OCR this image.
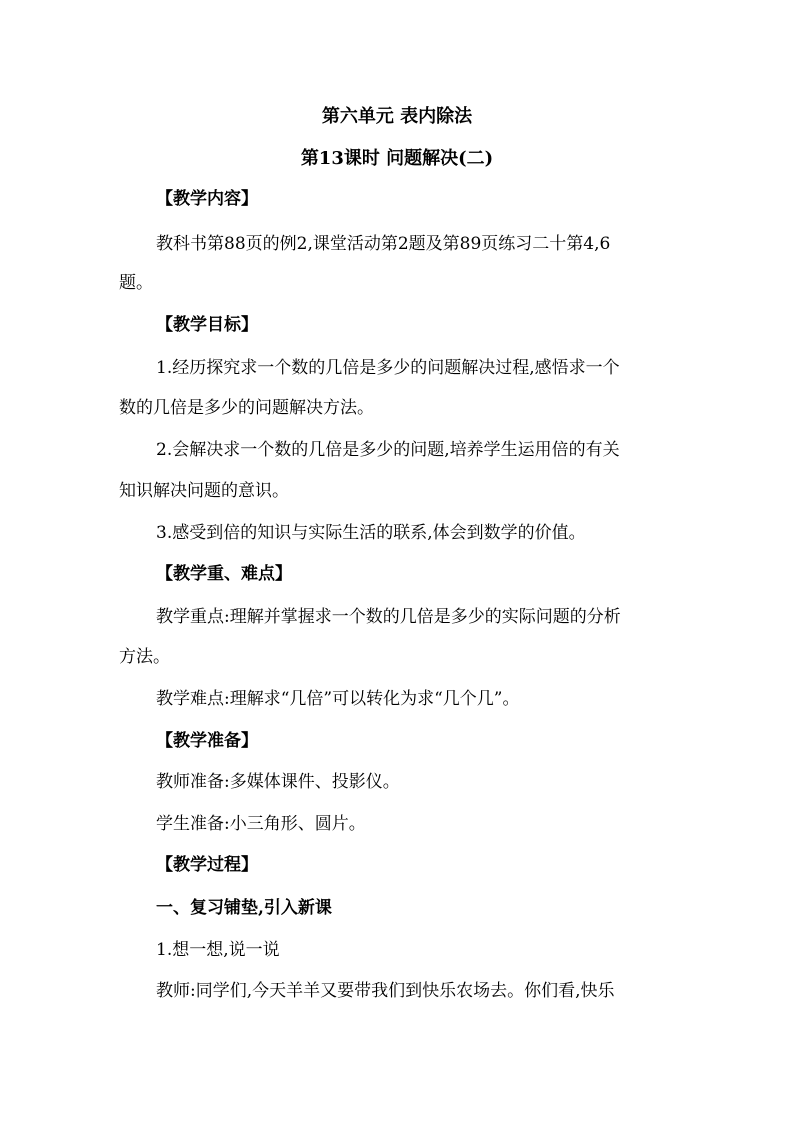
第六单元 表内除法
第13课时 问题解决(二)
【教学内容】
教科书第88页的例2,课堂活动第2题及第89页练习二十第4,6
题。
【教学目标】
1.经历探究求一个数的几倍是多少的问题解决过程,感悟求一个
数的几倍是多少的问题解决方法。
2.会解决求一个数的几倍是多少的问题,培养学生运用倍的有关
知识解决问题的意识。
3.感受到倍的知识与实际生活的联系,体会到数学的价值。
【教学重、难点】
教学重点:理解并掌握求一个数的几倍是多少的实际问题的分析
方法。
教学难点:理解求“几倍”可以转化为求“几个几”。
【教学准备】
教师准备:多媒体课件、投影仪。
学生准备:小三角形、圆片。
【教学过程】
一、复习铺垫,引入新课
1.想一想,说一说
教师:同学们,今天羊羊又要带我们到快乐农场去。你们看,快乐
